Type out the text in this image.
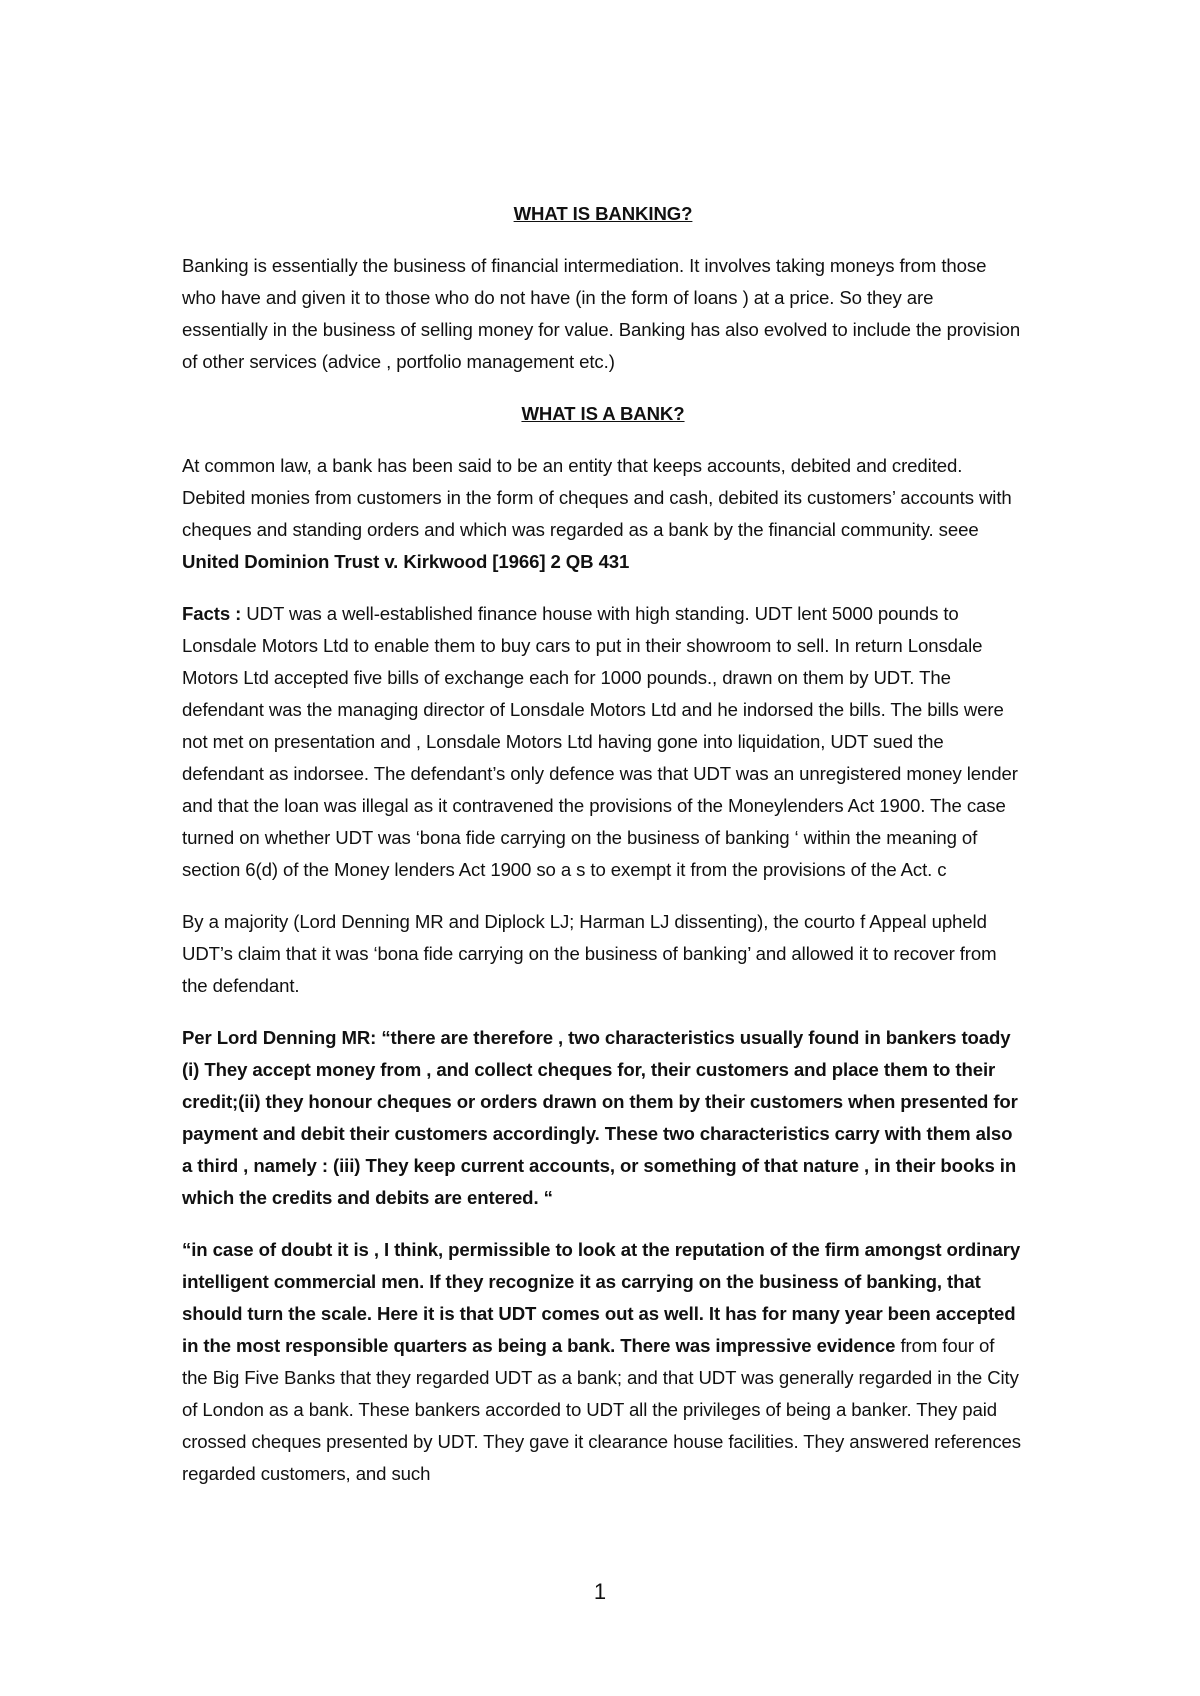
WHAT IS BANKING?

Banking is essentially the business of financial intermediation. It involves taking moneys from those who have and given it to those who do not have (in the form of loans ) at a price. So they are essentially in the business of selling money for value. Banking has also evolved to include the provision of other services (advice , portfolio management etc.)

WHAT IS A BANK?

At common law, a bank has been said to be an entity that keeps accounts, debited and credited. Debited monies from customers in the form of cheques and cash, debited its customers’ accounts with cheques and standing orders and which was regarded as a bank by the financial community. seee United Dominion Trust v. Kirkwood [1966] 2 QB 431

Facts : UDT was a well-established finance house with high standing. UDT lent 5000 pounds to Lonsdale Motors Ltd to enable them to buy cars to put in their showroom to sell. In return Lonsdale Motors Ltd accepted five bills of exchange each for 1000 pounds., drawn on them by UDT. The defendant was the managing director of Lonsdale Motors Ltd and he indorsed the bills. The bills were not met on presentation and , Lonsdale Motors Ltd having gone into liquidation, UDT sued the defendant as indorsee. The defendant’s only defence was that UDT was an unregistered money lender and that the loan was illegal as it contravened the provisions of the Moneylenders Act 1900. The case turned on whether UDT was ‘bona fide carrying on the business of banking ‘ within the meaning of section 6(d) of the Money lenders Act 1900 so a s to exempt it from the provisions of the Act. c

By a majority (Lord Denning MR and Diplock LJ; Harman LJ dissenting), the courto f Appeal upheld UDT’s claim that it was ‘bona fide carrying on the business of banking’ and allowed it to recover from the defendant.

Per Lord Denning MR: “there are therefore , two characteristics usually found in bankers toady (i) They accept money from , and collect cheques for, their customers and place them to their credit;(ii) they honour cheques or orders drawn on them by their customers when presented for payment and debit their customers accordingly. These two characteristics carry with them also a third , namely : (iii) They keep current accounts, or something of that nature , in their books in which the credits and debits are entered. “

“in case of doubt it is , I think, permissible to look at the reputation of the firm amongst ordinary intelligent commercial men. If they recognize it as carrying on the business of banking, that should turn the scale. Here it is that UDT comes out as well. It has for many year been accepted in the most responsible quarters as being a bank. There was impressive evidence from four of the Big Five Banks that they regarded UDT as a bank; and that UDT was generally regarded in the City of London as a bank. These bankers accorded to UDT all the privileges of being a banker. They paid crossed cheques presented by UDT. They gave it clearance house facilities. They answered references regarded customers, and such

1
